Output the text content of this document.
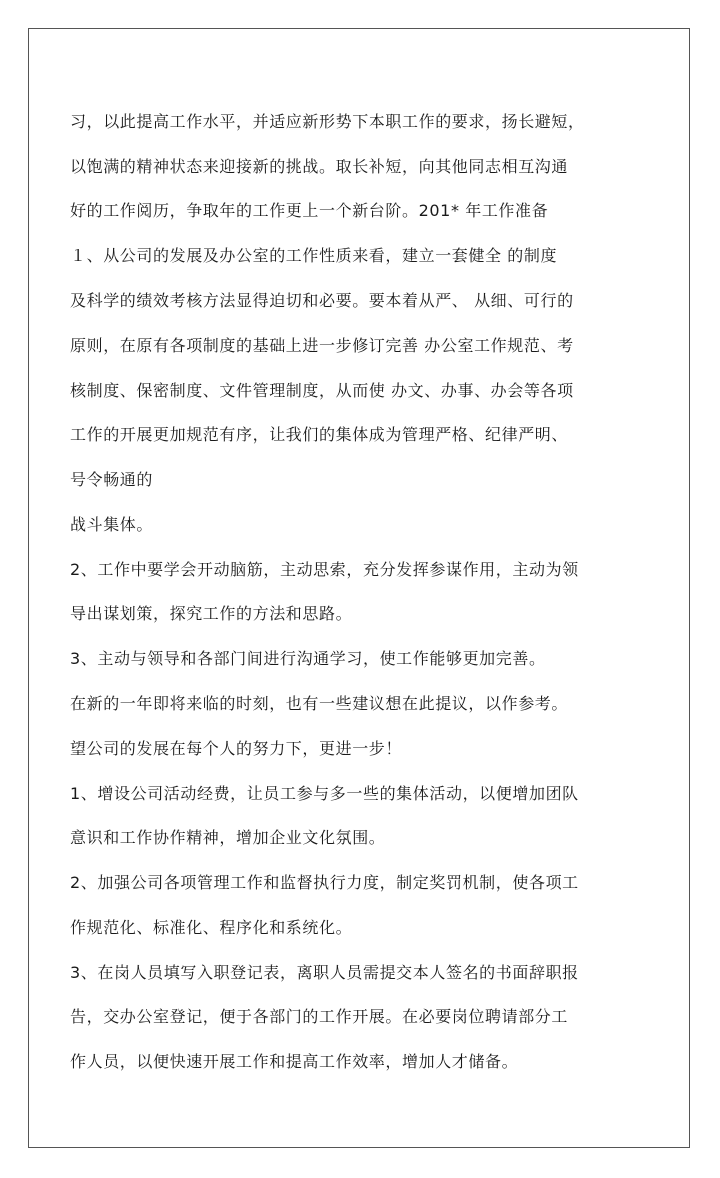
习，以此提高工作水平，并适应新形势下本职工作的要求，扬长避短，
以饱满的精神状态来迎接新的挑战。取长补短，向其他同志相互沟通
好的工作阅历，争取年的工作更上一个新台阶。201* 年工作准备
１、从公司的发展及办公室的工作性质来看，建立一套健全 的制度
及科学的绩效考核方法显得迫切和必要。要本着从严、 从细、可行的
原则，在原有各项制度的基础上进一步修订完善 办公室工作规范、考
核制度、保密制度、文件管理制度，从而使 办文、办事、办会等各项
工作的开展更加规范有序，让我们的集体成为管理严格、纪律严明、
号令畅通的
战斗集体。
2、工作中要学会开动脑筋，主动思索，充分发挥参谋作用，主动为领
导出谋划策，探究工作的方法和思路。
3、主动与领导和各部门间进行沟通学习，使工作能够更加完善。
在新的一年即将来临的时刻，也有一些建议想在此提议，以作参考。
望公司的发展在每个人的努力下，更进一步！
1、增设公司活动经费，让员工参与多一些的集体活动，以便增加团队
意识和工作协作精神，增加企业文化氛围。
2、加强公司各项管理工作和监督执行力度，制定奖罚机制，使各项工
作规范化、标准化、程序化和系统化。
3、在岗人员填写入职登记表，离职人员需提交本人签名的书面辞职报
告，交办公室登记，便于各部门的工作开展。在必要岗位聘请部分工
作人员，以便快速开展工作和提高工作效率，增加人才储备。
